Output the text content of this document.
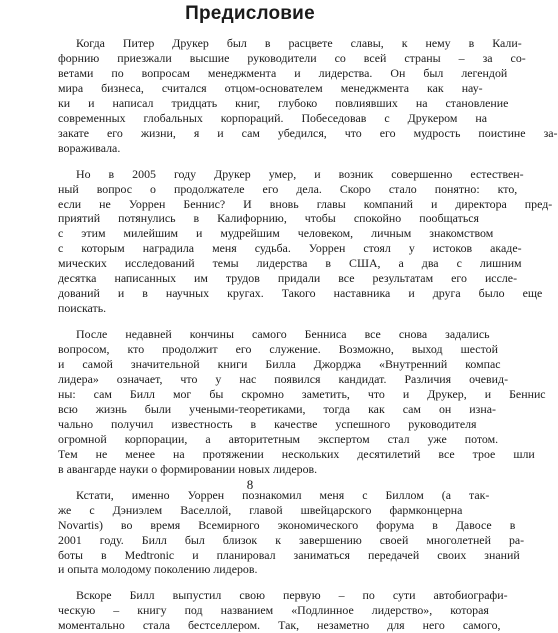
Предисловие

Когда	Питер	Друкер	был	в	расцвете	славы,	к	нему	в	Кали-
форнию	приезжали	высшие	руководители	со	всей	страны	–	за	со-
ветами	по	вопросам	менеджмента	и	лидерства.	Он	был	легендой
мира	бизнеса,	считался	отцом-основателем	менеджмента	как	нау-
ки	и	написал	тридцать	книг,	глубоко	повлиявших	на	становление
современных	глобальных	корпораций.	Побеседовав	с	Друкером	на
закате	его	жизни,	я	и	сам	убедился,	что	его	мудрость	поистине	за-
вораживала.

Но	в	2005	году	Друкер	умер,	и	возник	совершенно	естествен-
ный	вопрос	о	продолжателе	его	дела.	Скоро	стало	понятно:	кто,
если	не	Уоррен	Беннис?	И	вновь	главы	компаний	и	директора	пред-
приятий	потянулись	в	Калифорнию,	чтобы	спокойно	пообщаться
с	этим	милейшим	и	мудрейшим	человеком,	личным	знакомством
с	которым	наградила	меня	судьба.	Уоррен	стоял	у	истоков	акаде-
мических	исследований	темы	лидерства	в	США,	а	два	с	лишним
десятка	написанных	им	трудов	придали	все	результатам	его	иссле-
дований	и	в	научных	кругах.	Такого	наставника	и	друга	было	еще
поискать.

После	недавней	кончины	самого	Бенниса	все	снова	задались
вопросом,	кто	продолжит	его	служение.	Возможно,	выход	шестой
и	самой	значительной	книги	Билла	Джорджа	«Внутренний	компас
лидера»	означает,	что	у	нас	появился	кандидат.	Различия	очевид-
ны:	сам	Билл	мог	бы	скромно	заметить,	что	и	Друкер,	и	Беннис
всю	жизнь	были	учеными-теоретиками,	тогда	как	сам	он	изна-
чально	получил	известность	в	качестве	успешного	руководителя
огромной	корпорации,	а	авторитетным	экспертом	стал	уже	потом.
Тем	не	менее	на	протяжении	нескольких	десятилетий	все	трое	шли
в авангарде науки о формировании новых лидеров.

Кстати,	именно	Уоррен	познакомил	меня	с	Биллом	(а	так-
же	с	Дэниэлем	Васеллой,	главой	швейцарского	фармконцерна
Novartis)	во	время	Всемирного	экономического	форума	в	Давосе	в
2001	году.	Билл	был	близок	к	завершению	своей	многолетней	ра-
боты	в	Medtronic	и	планировал	заниматься	передачей	своих	знаний
и опыта молодому поколению лидеров.

Вскоре	Билл	выпустил	свою	первую	–	по	сути	автобиографи-
ческую	–	книгу	под	названием	«Подлинное	лидерство»,	которая
моментально	стала	бестселлером.	Так,	незаметно	для	него	самого,

8
